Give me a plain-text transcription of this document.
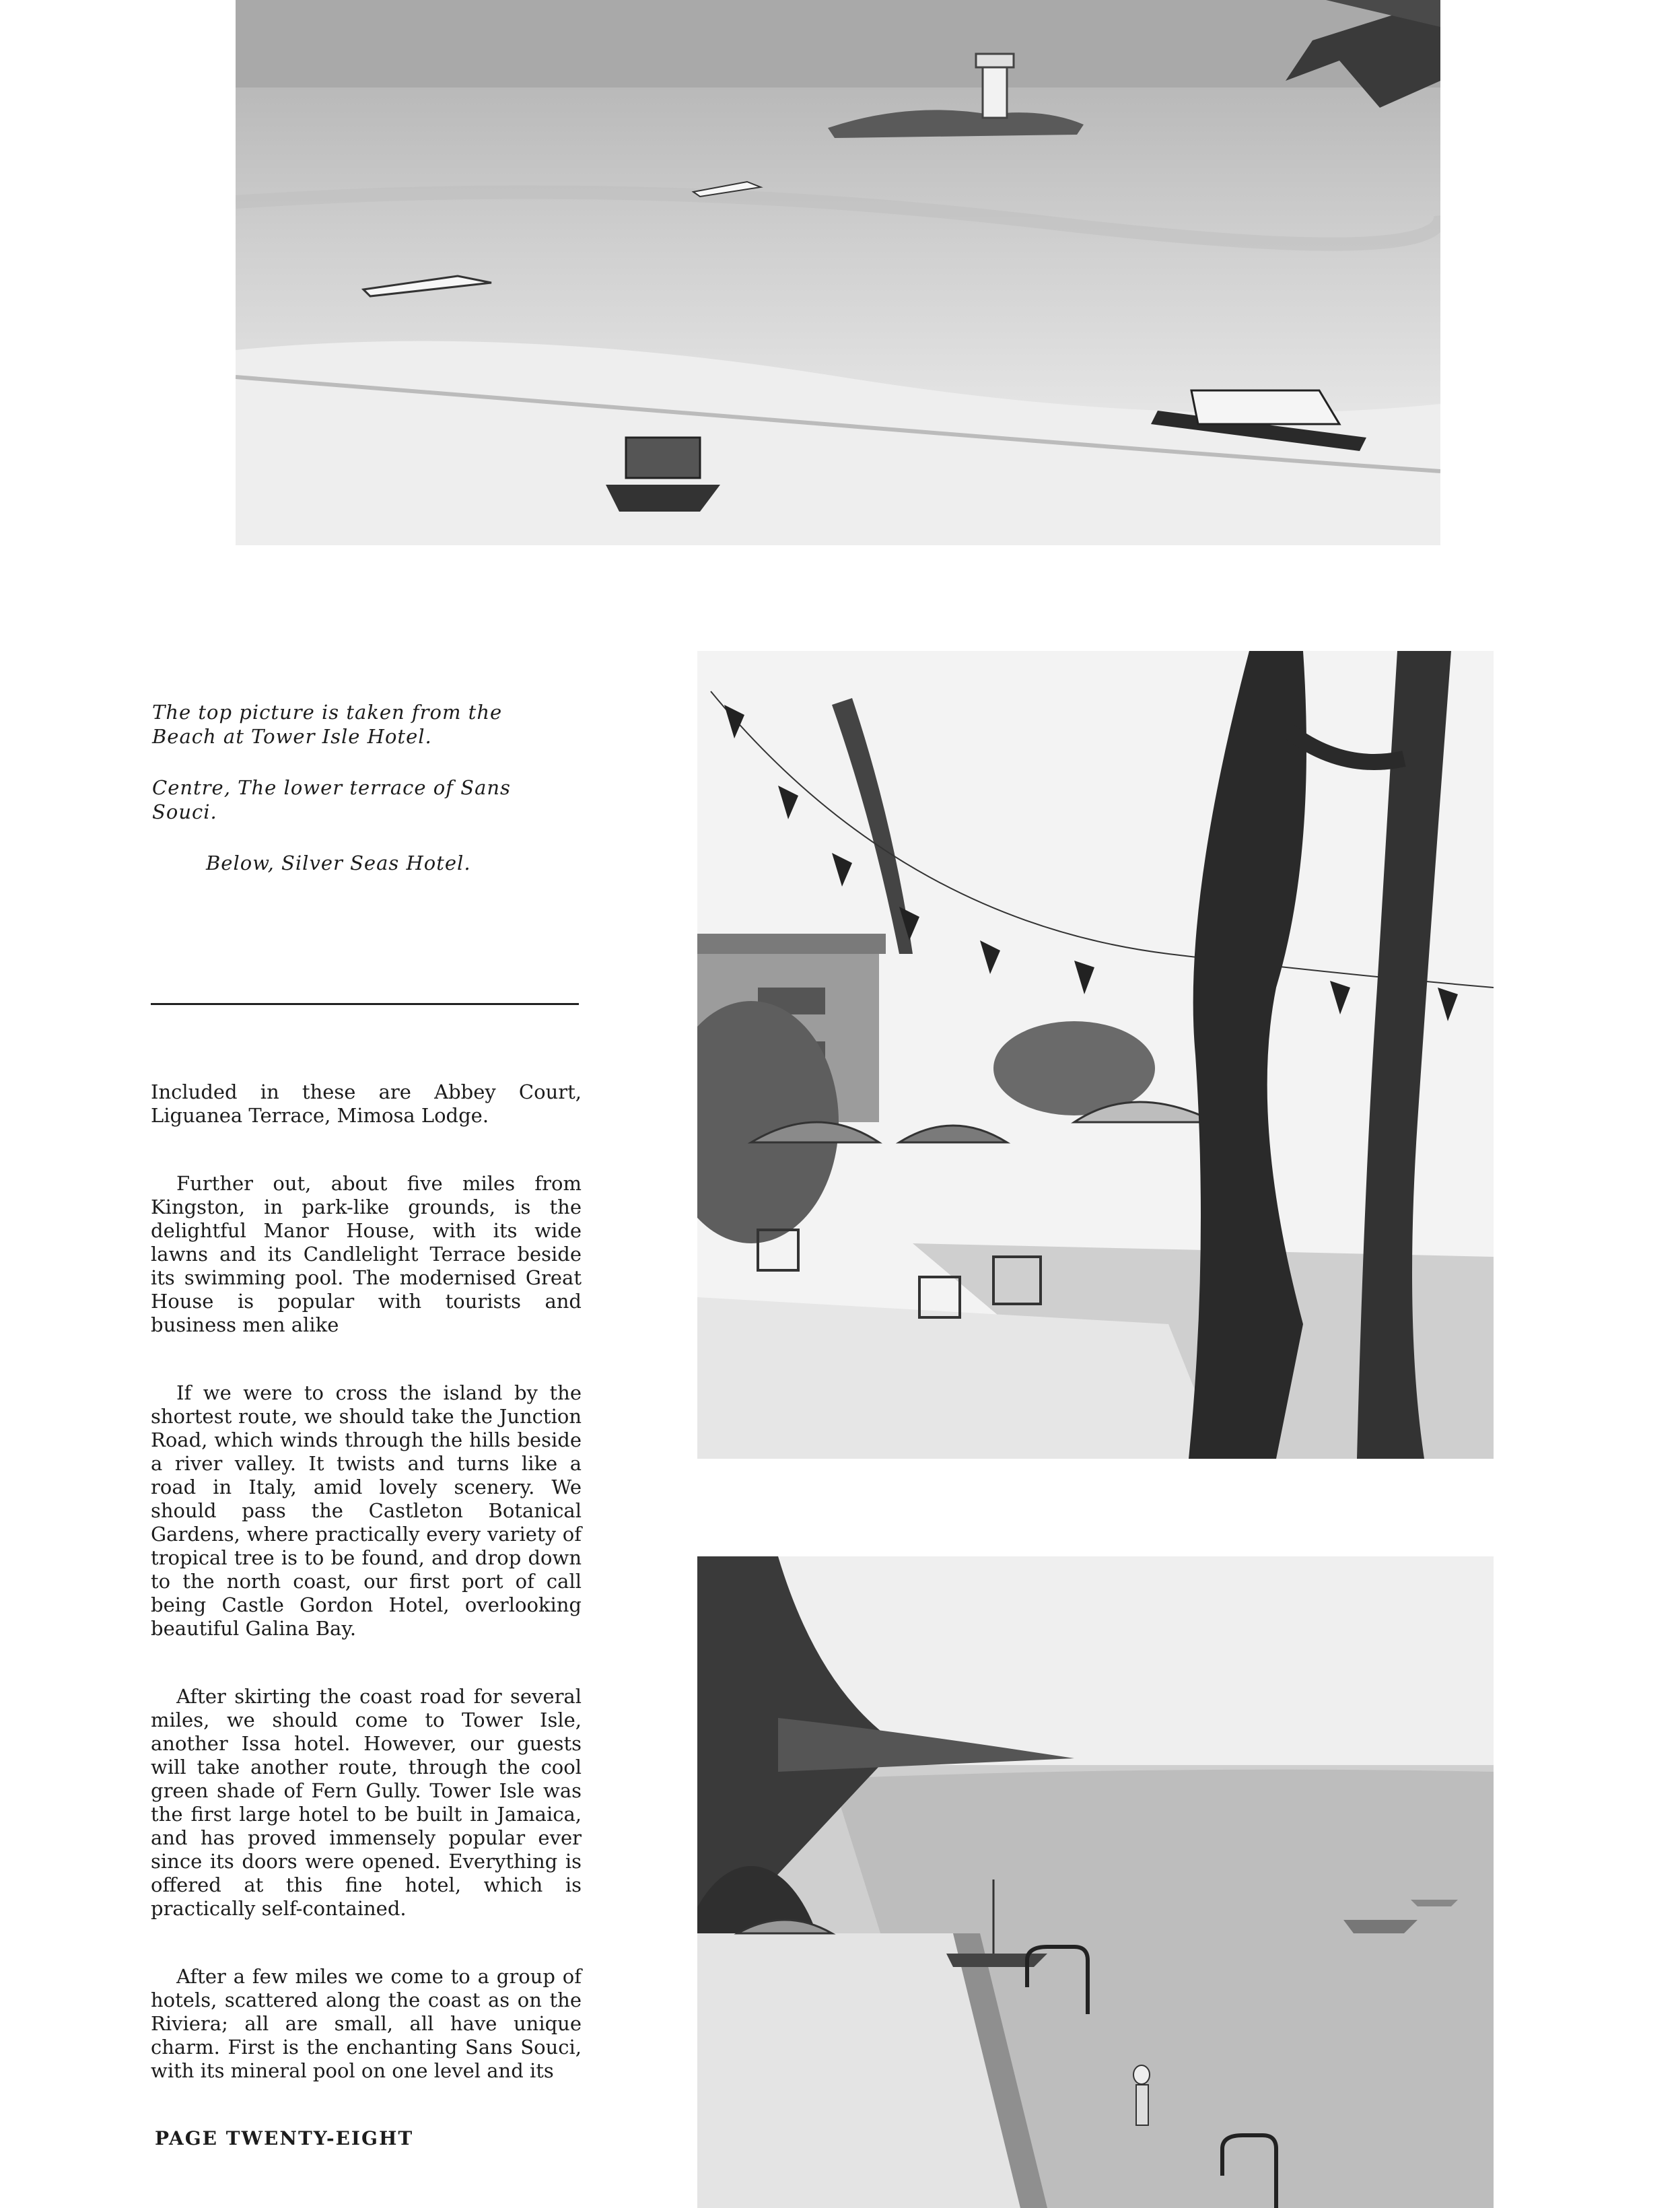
The top picture is taken from the Beach at Tower Isle Hotel.

Centre, The lower terrace of Sans Souci.

Below, Silver Seas Hotel.

Included in these are Abbey Court, Liguanea Terrace, Mimosa Lodge.

Further out, about five miles from Kingston, in park-like grounds, is the delightful Manor House, with its wide lawns and its Candlelight Terrace beside its swimming pool. The modernised Great House is popular with tourists and business men alike

If we were to cross the island by the shortest route, we should take the Junction Road, which winds through the hills beside a river valley. It twists and turns like a road in Italy, amid lovely scenery. We should pass the Castleton Botanical Gardens, where practically every variety of tropical tree is to be found, and drop down to the north coast, our first port of call being Castle Gordon Hotel, overlooking beautiful Galina Bay.

After skirting the coast road for several miles, we should come to Tower Isle, another Issa hotel. However, our guests will take another route, through the cool green shade of Fern Gully. Tower Isle was the first large hotel to be built in Jamaica, and has proved immensely popular ever since its doors were opened. Everything is offered at this fine hotel, which is practically self-contained.

After a few miles we come to a group of hotels, scattered along the coast as on the Riviera; all are small, all have unique charm. First is the enchanting Sans Souci, with its mineral pool on one level and its

PAGE TWENTY-EIGHT
